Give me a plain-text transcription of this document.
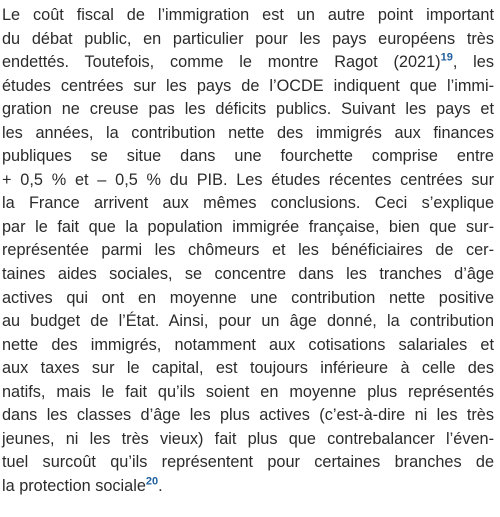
Le coût fiscal de l’immigration est un autre point important
du débat public, en particulier pour les pays européens très
endettés. Toutefois, comme le montre Ragot (2021)$^{19}$, les
études centrées sur les pays de l’OCDE indiquent que l’immi-
gration ne creuse pas les déficits publics. Suivant les pays et
les années, la contribution nette des immigrés aux finances
publiques se situe dans une fourchette comprise entre
+ 0,5 % et – 0,5 % du PIB. Les études récentes centrées sur
la France arrivent aux mêmes conclusions. Ceci s’explique
par le fait que la population immigrée française, bien que sur-
représentée parmi les chômeurs et les bénéficiaires de cer-
taines aides sociales, se concentre dans les tranches d’âge
actives qui ont en moyenne une contribution nette positive
au budget de l’État. Ainsi, pour un âge donné, la contribution
nette des immigrés, notamment aux cotisations salariales et
aux taxes sur le capital, est toujours inférieure à celle des
natifs, mais le fait qu’ils soient en moyenne plus représentés
dans les classes d’âge les plus actives (c’est-à-dire ni les très
jeunes, ni les très vieux) fait plus que contrebalancer l’éven-
tuel surcoût qu’ils représentent pour certaines branches de
la protection sociale$^{20}$.
